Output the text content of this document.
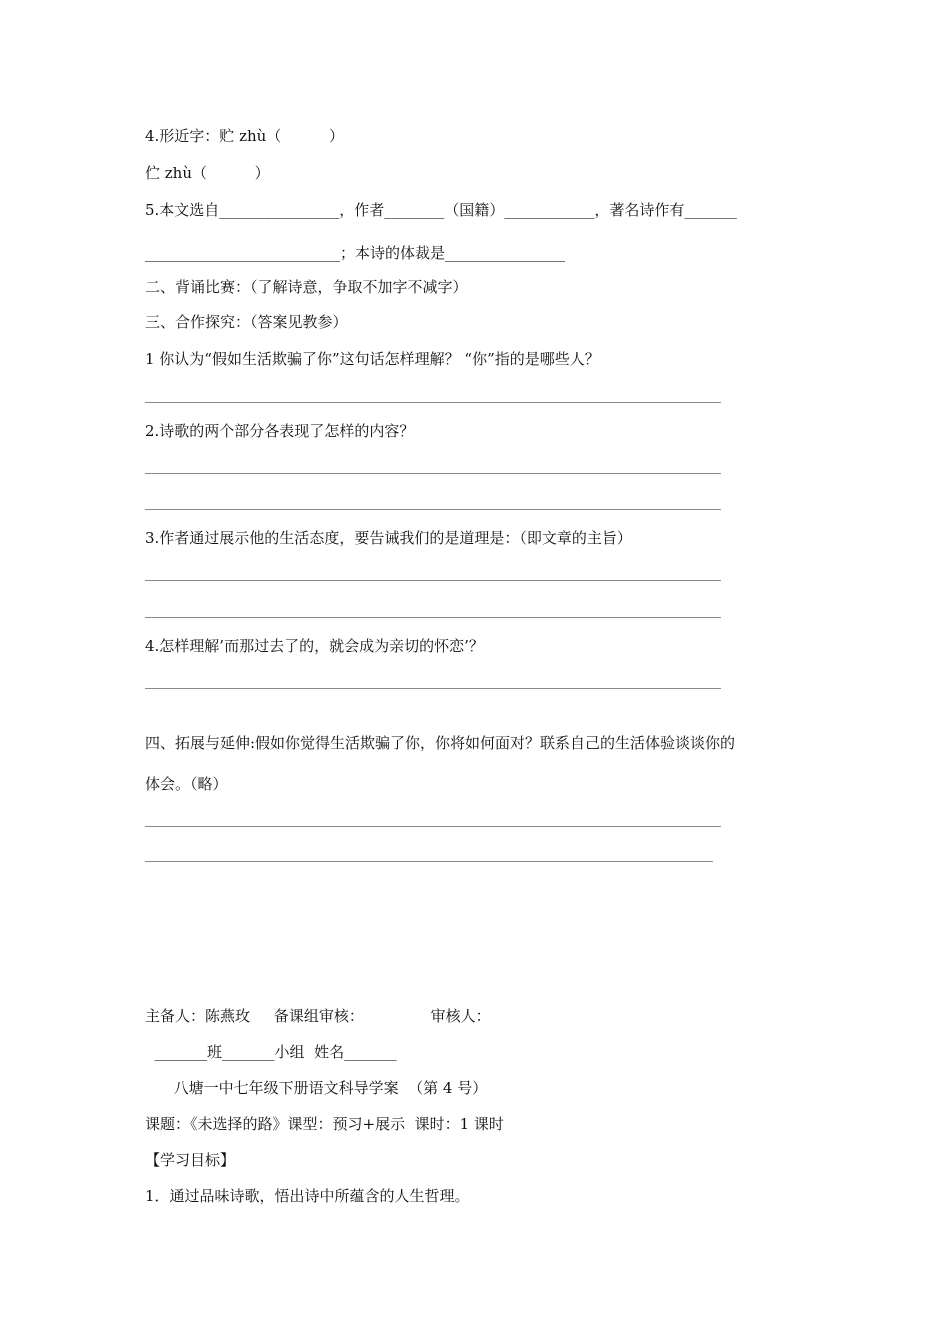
4.形近字：贮 zhù（          ）
伫 zhù（          ）
5.本文选自________________，作者________（国籍）____________，著名诗作有_______
__________________________；本诗的体裁是________________
二、背诵比赛：（了解诗意，争取不加字不减字）
三、合作探究：（答案见教参）
1 你认为“假如生活欺骗了你”这句话怎样理解？ “你”指的是哪些人？
2.诗歌的两个部分各表现了怎样的内容？
3.作者通过展示他的生活态度，要告诫我们的是道理是：（即文章的主旨）
4.怎样理解’而那过去了的，就会成为亲切的怀恋’？
四、拓展与延伸:假如你觉得生活欺骗了你，你将如何面对？联系自己的生活体验谈谈你的
体会。（略）
主备人：陈燕玫     备课组审核：              审核人：
_______班_______小组  姓名_______
八塘一中七年级下册语文科导学案  （第 4 号）
课题：《未选择的路》课型：预习+展示  课时：1 课时
【学习目标】
1．通过品味诗歌，悟出诗中所蕴含的人生哲理。
